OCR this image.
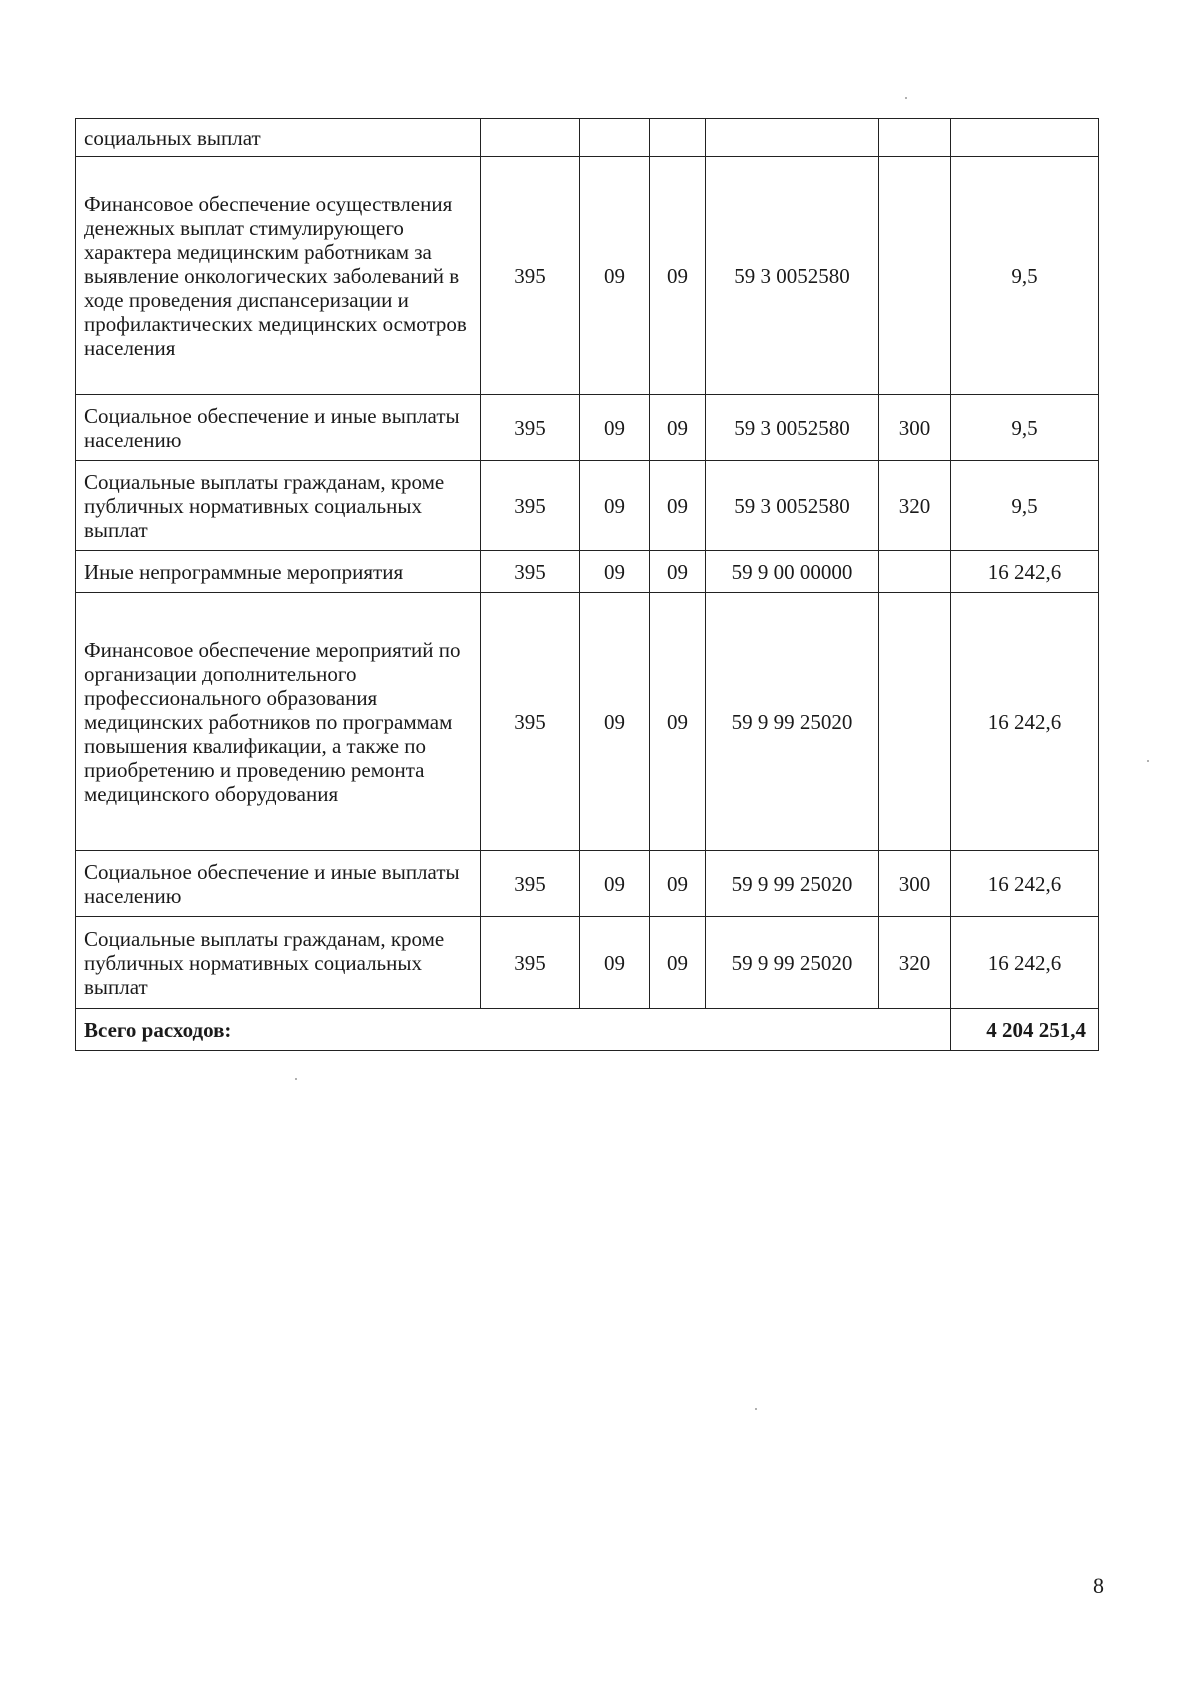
социальных выплат						
Финансовое обеспечение осуществления денежных выплат стимулирующего характера медицинским работникам за выявление онкологических заболеваний в ходе проведения диспансеризации и профилактических медицинских осмотров населения	395	09	09	59 3 0052580		9,5
Социальное обеспечение и иные выплаты населению	395	09	09	59 3 0052580	300	9,5
Социальные выплаты гражданам, кроме публичных нормативных социальных выплат	395	09	09	59 3 0052580	320	9,5
Иные непрограммные мероприятия	395	09	09	59 9 00 00000		16 242,6
Финансовое обеспечение мероприятий по организации дополнительного профессионального образования медицинских работников по программам повышения квалификации, а также по приобретению и проведению ремонта медицинского оборудования	395	09	09	59 9 99 25020		16 242,6
Социальное обеспечение и иные выплаты населению	395	09	09	59 9 99 25020	300	16 242,6
Социальные выплаты гражданам, кроме публичных нормативных социальных выплат	395	09	09	59 9 99 25020	320	16 242,6
Всего расходов:						4 204 251,4
8
